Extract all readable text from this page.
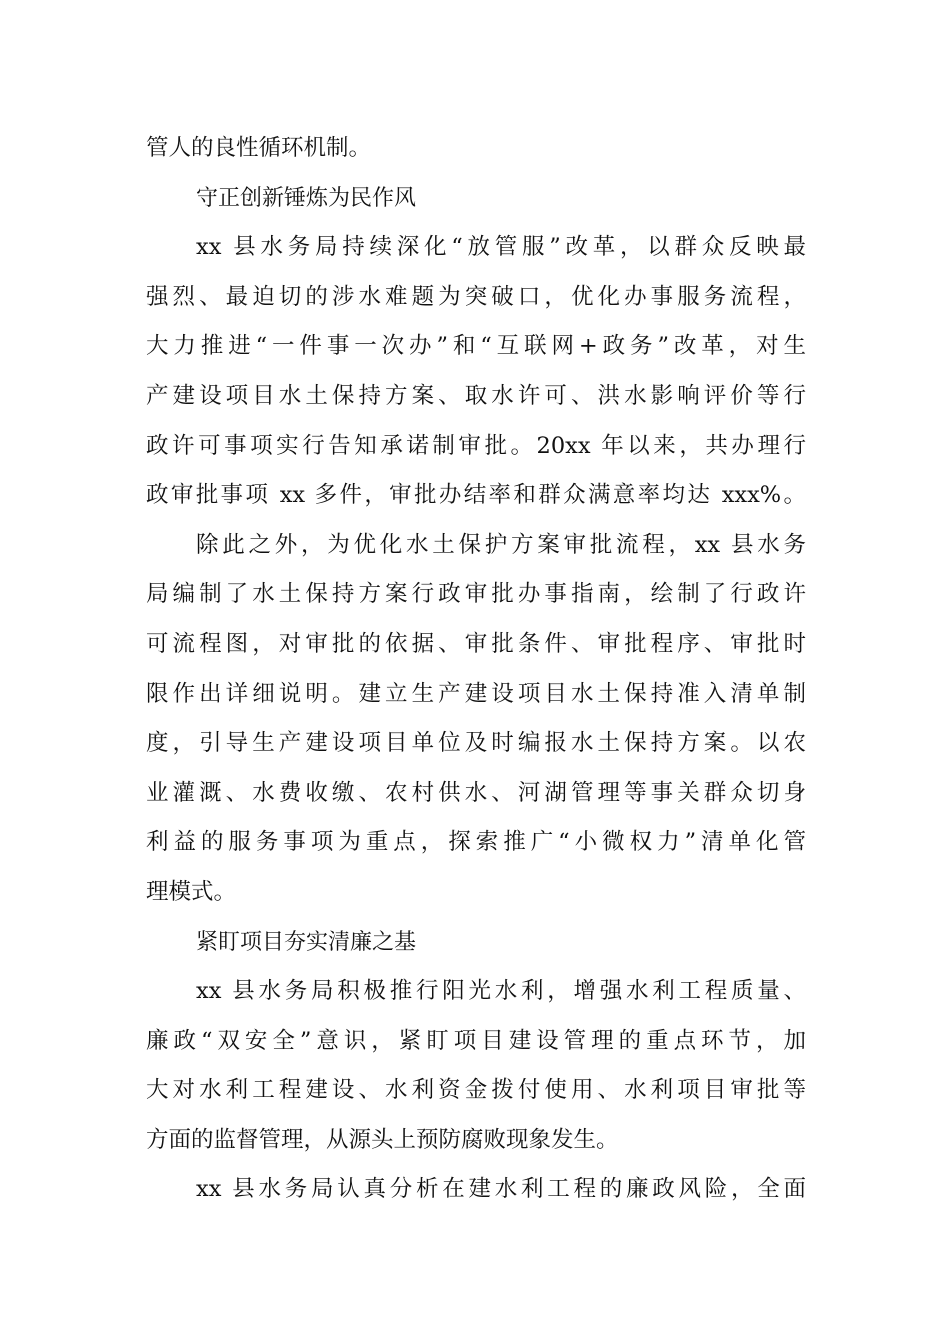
管人的良性循环机制。
守正创新锤炼为民作风
xx 县水务局持续深化“放管服”改革，以群众反映最
强烈、最迫切的涉水难题为突破口，优化办事服务流程，
大力推进“一件事一次办”和“互联网+政务”改革，对生
产建设项目水土保持方案、取水许可、洪水影响评价等行
政许可事项实行告知承诺制审批。20xx 年以来，共办理行
政审批事项 xx 多件，审批办结率和群众满意率均达 xxx%。
除此之外，为优化水土保护方案审批流程，xx 县水务
局编制了水土保持方案行政审批办事指南，绘制了行政许
可流程图，对审批的依据、审批条件、审批程序、审批时
限作出详细说明。建立生产建设项目水土保持准入清单制
度，引导生产建设项目单位及时编报水土保持方案。以农
业灌溉、水费收缴、农村供水、河湖管理等事关群众切身
利益的服务事项为重点，探索推广“小微权力”清单化管
理模式。
紧盯项目夯实清廉之基
xx 县水务局积极推行阳光水利，增强水利工程质量、
廉政“双安全”意识，紧盯项目建设管理的重点环节，加
大对水利工程建设、水利资金拨付使用、水利项目审批等
方面的监督管理，从源头上预防腐败现象发生。
xx 县水务局认真分析在建水利工程的廉政风险，全面
